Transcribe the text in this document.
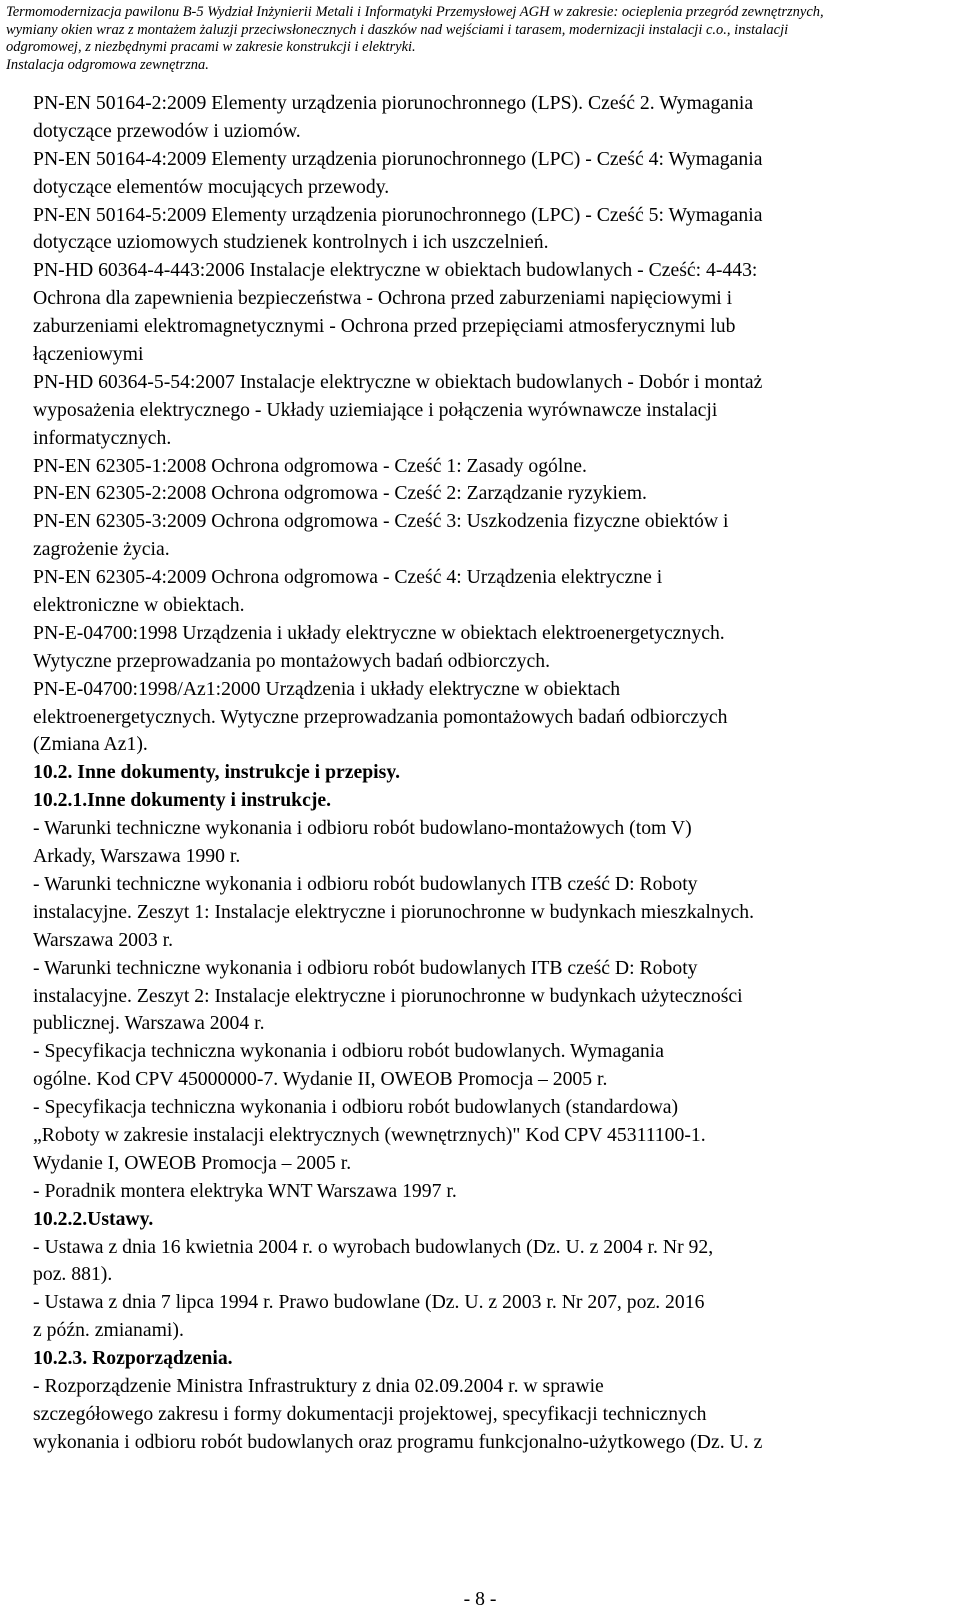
Termomodernizacja pawilonu B-5 Wydział Inżynierii Metali i Informatyki Przemysłowej AGH w zakresie: ocieplenia przegród zewnętrznych,
wymiany okien wraz z montażem żaluzji przeciwsłonecznych i daszków nad wejściami i tarasem, modernizacji instalacji c.o., instalacji
odgromowej, z niezbędnymi pracami w zakresie konstrukcji i elektryki.
Instalacja odgromowa zewnętrzna.
PN-EN 50164-2:2009 Elementy urządzenia piorunochronnego (LPS). Cześć 2. Wymagania
dotyczące przewodów i uziomów.
PN-EN 50164-4:2009 Elementy urządzenia piorunochronnego (LPC) - Cześć 4: Wymagania
dotyczące elementów mocujących przewody.
PN-EN 50164-5:2009 Elementy urządzenia piorunochronnego (LPC) - Cześć 5: Wymagania
dotyczące uziomowych studzienek kontrolnych i ich uszczelnień.
PN-HD 60364-4-443:2006 Instalacje elektryczne w obiektach budowlanych - Cześć: 4-443:
Ochrona dla zapewnienia bezpieczeństwa - Ochrona przed zaburzeniami napięciowymi i
zaburzeniami elektromagnetycznymi - Ochrona przed przepięciami atmosferycznymi lub
łączeniowymi
PN-HD 60364-5-54:2007 Instalacje elektryczne w obiektach budowlanych - Dobór i montaż
wyposażenia elektrycznego - Układy uziemiające i połączenia wyrównawcze instalacji
informatycznych.
PN-EN 62305-1:2008 Ochrona odgromowa - Cześć 1: Zasady ogólne.
PN-EN 62305-2:2008 Ochrona odgromowa - Cześć 2: Zarządzanie ryzykiem.
PN-EN 62305-3:2009 Ochrona odgromowa - Cześć 3: Uszkodzenia fizyczne obiektów i
zagrożenie życia.
PN-EN 62305-4:2009 Ochrona odgromowa - Cześć 4: Urządzenia elektryczne i
elektroniczne w obiektach.
PN-E-04700:1998 Urządzenia i układy elektryczne w obiektach elektroenergetycznych.
Wytyczne przeprowadzania po montażowych badań odbiorczych.
PN-E-04700:1998/Az1:2000 Urządzenia i układy elektryczne w obiektach
elektroenergetycznych. Wytyczne przeprowadzania pomontażowych badań odbiorczych
(Zmiana Az1).
10.2. Inne dokumenty, instrukcje i przepisy.
10.2.1.Inne dokumenty i instrukcje.
- Warunki techniczne wykonania i odbioru robót budowlano-montażowych (tom V)
Arkady, Warszawa 1990 r.
- Warunki techniczne wykonania i odbioru robót budowlanych ITB cześć D: Roboty
instalacyjne. Zeszyt 1: Instalacje elektryczne i piorunochronne w budynkach mieszkalnych.
Warszawa 2003 r.
- Warunki techniczne wykonania i odbioru robót budowlanych ITB cześć D: Roboty
instalacyjne. Zeszyt 2: Instalacje elektryczne i piorunochronne w budynkach użyteczności
publicznej. Warszawa 2004 r.
- Specyfikacja techniczna wykonania i odbioru robót budowlanych. Wymagania
ogólne. Kod CPV 45000000-7. Wydanie II, OWEOB Promocja – 2005 r.
- Specyfikacja techniczna wykonania i odbioru robót budowlanych (standardowa)
„Roboty w zakresie instalacji elektrycznych (wewnętrznych)" Kod CPV 45311100-1.
Wydanie I, OWEOB Promocja – 2005 r.
- Poradnik montera elektryka WNT Warszawa 1997 r.
10.2.2.Ustawy.
- Ustawa z dnia 16 kwietnia 2004 r. o wyrobach budowlanych (Dz. U. z 2004 r. Nr 92,
poz. 881).
- Ustawa z dnia 7 lipca 1994 r. Prawo budowlane (Dz. U. z 2003 r. Nr 207, poz. 2016
z późn. zmianami).
10.2.3. Rozporządzenia.
- Rozporządzenie Ministra Infrastruktury z dnia 02.09.2004 r. w sprawie
szczegółowego zakresu i formy dokumentacji projektowej, specyfikacji technicznych
wykonania i odbioru robót budowlanych oraz programu funkcjonalno-użytkowego (Dz. U. z
- 8 -
